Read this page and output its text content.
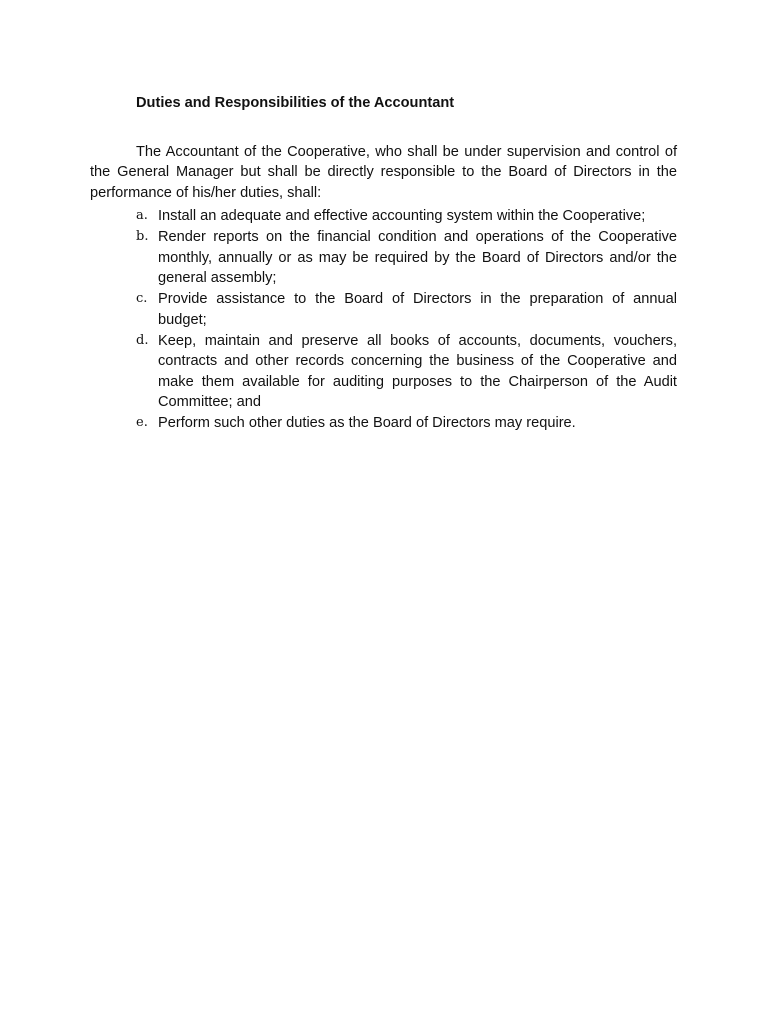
Duties and Responsibilities of the Accountant

The Accountant of the Cooperative, who shall be under supervision and control of the General Manager but shall be directly responsible to the Board of Directors in the performance of his/her duties, shall:

a. Install an adequate and effective accounting system within the Cooperative;
b. Render reports on the financial condition and operations of the Cooperative monthly, annually or as may be required by the Board of Directors and/or the general assembly;
c. Provide assistance to the Board of Directors in the preparation of annual budget;
d. Keep, maintain and preserve all books of accounts, documents, vouchers, contracts and other records concerning the business of the Cooperative and make them available for auditing purposes to the Chairperson of the Audit Committee; and
e. Perform such other duties as the Board of Directors may require.
